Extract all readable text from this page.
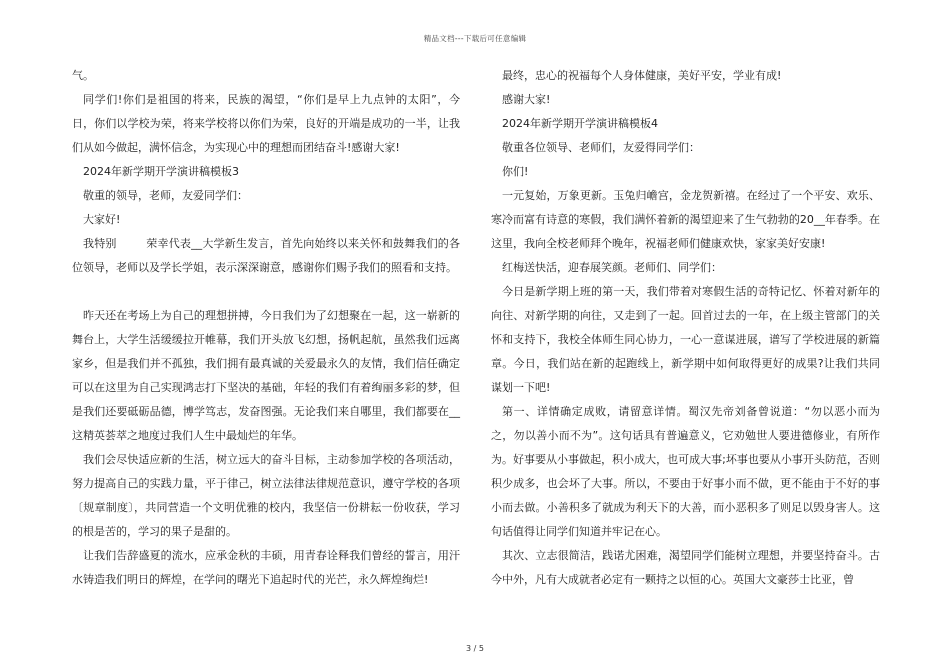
精品文档---下载后可任意编辑

气。

同学们!你们是祖国的将来，民族的渴望，“你们是早上九点钟的太阳”，今日，你们以学校为荣，将来学校将以你们为荣，良好的开端是成功的一半，让我们从如今做起，满怀信念，为实现心中的理想而团结奋斗!感谢大家!

2024年新学期开学演讲稿模板3

敬重的领导，老师，友爱同学们：

大家好!

我特别        荣幸代表__大学新生发言，首先向始终以来关怀和鼓舞我们的各位领导，老师以及学长学姐，表示深深谢意，感谢你们赐予我们的照看和支持。

昨天还在考场上为自己的理想拼搏，今日我们为了幻想聚在一起，这一崭新的舞台上，大学生活缓缓拉开帷幕，我们开头放飞幻想，扬帆起航，虽然我们远离家乡，但是我们并不孤独，我们拥有最真诚的关爱最永久的友情，我们信任确定可以在这里为自己实现鸿志打下坚决的基础，年轻的我们有着绚丽多彩的梦，但是我们还要砥砺品德，博学笃志，发奋图强。无论我们来自哪里，我们都要在__这精英荟萃之地度过我们人生中最灿烂的年华。

我们会尽快适应新的生活，树立远大的奋斗目标，主动参加学校的各项活动，努力提高自己的实践力量，平于律己，树立法律法律规范意识，遵守学校的各项〔规章制度〕，共同营造一个文明优雅的校内，我坚信一份耕耘一份收获，学习的根是苦的，学习的果子是甜的。

让我们告辞盛夏的流水，应承金秋的丰硕，用青春诠释我们曾经的誓言，用汗水铸造我们明日的辉煌，在学问的曙光下追起时代的光芒，永久辉煌绚烂!

最终，忠心的祝福每个人身体健康，美好平安，学业有成!

感谢大家!

2024年新学期开学演讲稿模板4

敬重各位领导、老师们，友爱得同学们：

你们!

一元复始，万象更新。玉兔归嶦宫，金龙贺新禧。在经过了一个平安、欢乐、寒冷而富有诗意的寒假，我们满怀着新的渴望迎来了生气勃勃的20__年春季。在这里，我向全校老师拜个晚年，祝福老师们健康欢快，家家美好安康!

红梅送快活，迎春展笑颜。老师们、同学们：

今日是新学期上班的第一天，我们带着对寒假生活的奇特记忆、怀着对新年的向往、对新学期的向往，又走到了一起。回首过去的一年，在上级主管部门的关怀和支持下，我校全体师生同心协力，一心一意谋进展，谱写了学校进展的新篇章。今日，我们站在新的起跑线上，新学期中如何取得更好的成果?让我们共同谋划一下吧!

第一、详情确定成败，请留意详情。蜀汉先帝刘备曾说道：“勿以恶小而为之，勿以善小而不为”。这句话具有普遍意义，它劝勉世人要进德修业，有所作为。好事要从小事做起，积小成大，也可成大事;坏事也要从小事开头防范，否则积少成多，也会坏了大事。所以，不要由于好事小而不做，更不能由于不好的事小而去做。小善积多了就成为利天下的大善，而小恶积多了则足以毁身害人。这句话值得让同学们知道并牢记在心。

其次、立志很简洁，践诺尤困难，渴望同学们能树立理想，并要坚持奋斗。古今中外，凡有大成就者必定有一颗持之以恒的心。英国大文豪莎士比亚，曾

3 / 5
